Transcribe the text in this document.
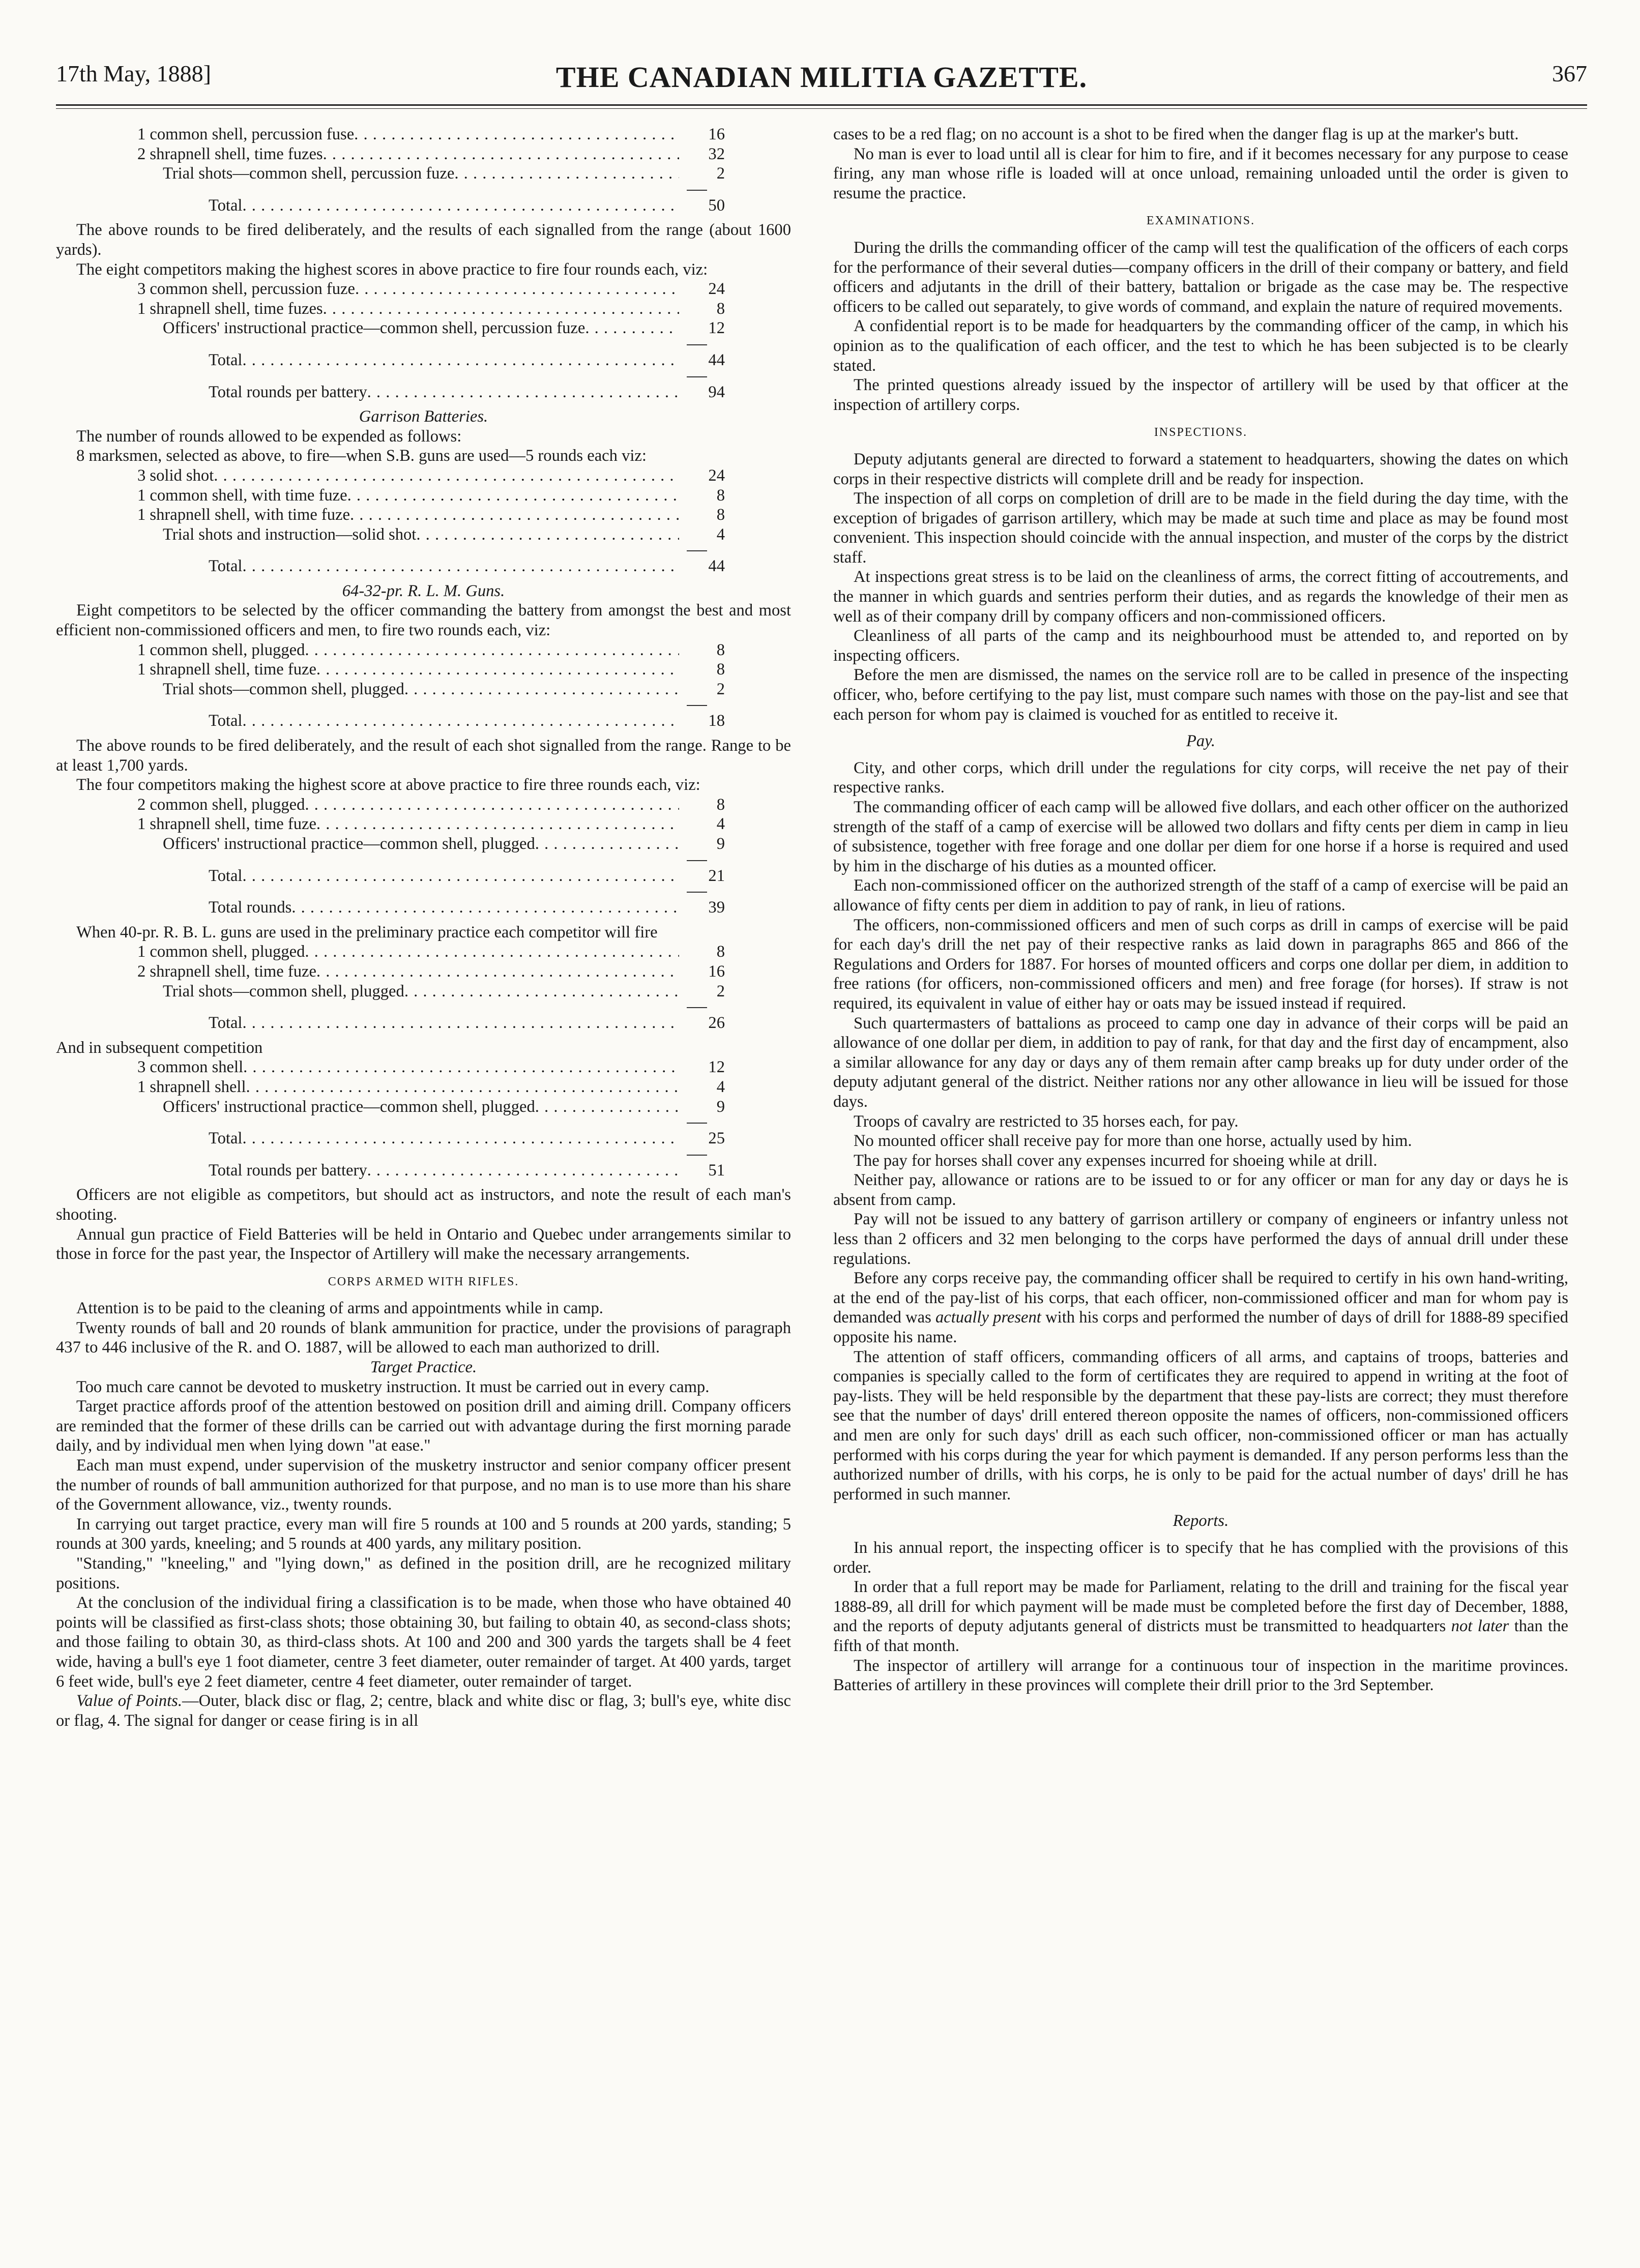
17th May, 1888]	THE CANADIAN MILITIA GAZETTE.	367
1 common shell, percussion fuse . . .	16
2 shrapnell shell, time fuzes . . .	32
Trial shots—common shell, percussion fuze . . .	2
Total . . .	50

The above rounds to be fired deliberately, and the results of each signalled from the range (about 1600 yards).

The eight competitors making the highest scores in above practice to fire four rounds each, viz:

3 common shell, percussion fuze . . .	24
1 shrapnell shell, time fuzes . . .	8
Officers' instructional practice—common shell, percussion fuze . . .	12
Total . . .	44
Total rounds per battery . . .	94

Garrison Batteries.

The number of rounds allowed to be expended as follows:

8 marksmen, selected as above, to fire—when S.B. guns are used—5 rounds each viz:

3 solid shot . . .	24
1 common shell, with time fuze . . .	8
1 shrapnell shell, with time fuze . . .	8
Trial shots and instruction—solid shot . . .	4
Total . . .	44

64-32-pr. R. L. M. Guns.

Eight competitors to be selected by the officer commanding the battery from amongst the best and most efficient non-commissioned officers and men, to fire two rounds each, viz:

1 common shell, plugged . . .	8
1 shrapnell shell, time fuze . . .	8
Trial shots—common shell, plugged . . .	2
Total . . .	18

The above rounds to be fired deliberately, and the result of each shot signalled from the range. Range to be at least 1,700 yards.

The four competitors making the highest score at above practice to fire three rounds each, viz:

2 common shell, plugged . . .	8
1 shrapnell shell, time fuze . . .	4
Officers' instructional practice—common shell, plugged . . .	9
Total . . .	21
Total rounds . . .	39

When 40-pr. R. B. L. guns are used in the preliminary practice each competitor will fire

1 common shell, plugged . . .	8
2 shrapnell shell, time fuze . . .	16
Trial shots—common shell, plugged . . .	2
Total . . .	26

And in subsequent competition

3 common shell . . .	12
1 shrapnell shell . . .	4
Officers' instructional practice—common shell, plugged . . .	9
Total . . .	25
Total rounds per battery . . .	51

Officers are not eligible as competitors, but should act as instructors, and note the result of each man's shooting.

Annual gun practice of Field Batteries will be held in Ontario and Quebec under arrangements similar to those in force for the past year, the Inspector of Artillery will make the necessary arrangements.

CORPS ARMED WITH RIFLES.

Attention is to be paid to the cleaning of arms and appointments while in camp.

Twenty rounds of ball and 20 rounds of blank ammunition for practice, under the provisions of paragraph 437 to 446 inclusive of the R. and O. 1887, will be allowed to each man authorized to drill.

Target Practice.

Too much care cannot be devoted to musketry instruction. It must be carried out in every camp.

Target practice affords proof of the attention bestowed on position drill and aiming drill. Company officers are reminded that the former of these drills can be carried out with advantage during the first morning parade daily, and by individual men when lying down "at ease."

Each man must expend, under supervision of the musketry instructor and senior company officer present the number of rounds of ball ammunition authorized for that purpose, and no man is to use more than his share of the Government allowance, viz., twenty rounds.

In carrying out target practice, every man will fire 5 rounds at 100 and 5 rounds at 200 yards, standing; 5 rounds at 300 yards, kneeling; and 5 rounds at 400 yards, any military position.

"Standing," "kneeling," and "lying down," as defined in the position drill, are he recognized military positions.

At the conclusion of the individual firing a classification is to be made, when those who have obtained 40 points will be classified as first-class shots; those obtaining 30, but failing to obtain 40, as second-class shots; and those failing to obtain 30, as third-class shots. At 100 and 200 and 300 yards the targets shall be 4 feet wide, having a bull's eye 1 foot diameter, centre 3 feet diameter, outer remainder of target. At 400 yards, target 6 feet wide, bull's eye 2 feet diameter, centre 4 feet diameter, outer remainder of target.

Value of Points.—Outer, black disc or flag, 2; centre, black and white disc or flag, 3; bull's eye, white disc or flag, 4. The signal for danger or cease firing is in all

cases to be a red flag; on no account is a shot to be fired when the danger flag is up at the marker's butt.

No man is ever to load until all is clear for him to fire, and if it becomes necessary for any purpose to cease firing, any man whose rifle is loaded will at once unload, remaining unloaded until the order is given to resume the practice.

EXAMINATIONS.

During the drills the commanding officer of the camp will test the qualification of the officers of each corps for the performance of their several duties—company officers in the drill of their company or battery, and field officers and adjutants in the drill of their battery, battalion or brigade as the case may be. The respective officers to be called out separately, to give words of command, and explain the nature of required movements.

A confidential report is to be made for headquarters by the commanding officer of the camp, in which his opinion as to the qualification of each officer, and the test to which he has been subjected is to be clearly stated.

The printed questions already issued by the inspector of artillery will be used by that officer at the inspection of artillery corps.

INSPECTIONS.

Deputy adjutants general are directed to forward a statement to headquarters, showing the dates on which corps in their respective districts will complete drill and be ready for inspection.

The inspection of all corps on completion of drill are to be made in the field during the day time, with the exception of brigades of garrison artillery, which may be made at such time and place as may be found most convenient. This inspection should coincide with the annual inspection, and muster of the corps by the district staff.

At inspections great stress is to be laid on the cleanliness of arms, the correct fitting of accoutrements, and the manner in which guards and sentries perform their duties, and as regards the knowledge of their men as well as of their company drill by company officers and non-commissioned officers.

Cleanliness of all parts of the camp and its neighbourhood must be attended to, and reported on by inspecting officers.

Before the men are dismissed, the names on the service roll are to be called in presence of the inspecting officer, who, before certifying to the pay list, must compare such names with those on the pay-list and see that each person for whom pay is claimed is vouched for as entitled to receive it.

Pay.

City, and other corps, which drill under the regulations for city corps, will receive the net pay of their respective ranks.

The commanding officer of each camp will be allowed five dollars, and each other officer on the authorized strength of the staff of a camp of exercise will be allowed two dollars and fifty cents per diem in camp in lieu of subsistence, together with free forage and one dollar per diem for one horse if a horse is required and used by him in the discharge of his duties as a mounted officer.

Each non-commissioned officer on the authorized strength of the staff of a camp of exercise will be paid an allowance of fifty cents per diem in addition to pay of rank, in lieu of rations.

The officers, non-commissioned officers and men of such corps as drill in camps of exercise will be paid for each day's drill the net pay of their respective ranks as laid down in paragraphs 865 and 866 of the Regulations and Orders for 1887. For horses of mounted officers and corps one dollar per diem, in addition to free rations (for officers, non-commissioned officers and men) and free forage (for horses). If straw is not required, its equivalent in value of either hay or oats may be issued instead if required.

Such quartermasters of battalions as proceed to camp one day in advance of their corps will be paid an allowance of one dollar per diem, in addition to pay of rank, for that day and the first day of encampment, also a similar allowance for any day or days any of them remain after camp breaks up for duty under order of the deputy adjutant general of the district. Neither rations nor any other allowance in lieu will be issued for those days.

Troops of cavalry are restricted to 35 horses each, for pay.

No mounted officer shall receive pay for more than one horse, actually used by him.

The pay for horses shall cover any expenses incurred for shoeing while at drill.

Neither pay, allowance or rations are to be issued to or for any officer or man for any day or days he is absent from camp.

Pay will not be issued to any battery of garrison artillery or company of engineers or infantry unless not less than 2 officers and 32 men belonging to the corps have performed the days of annual drill under these regulations.

Before any corps receive pay, the commanding officer shall be required to certify in his own hand-writing, at the end of the pay-list of his corps, that each officer, non-commissioned officer and man for whom pay is demanded was actually present with his corps and performed the number of days of drill for 1888-89 specified opposite his name.

The attention of staff officers, commanding officers of all arms, and captains of troops, batteries and companies is specially called to the form of certificates they are required to append in writing at the foot of pay-lists. They will be held responsible by the department that these pay-lists are correct; they must therefore see that the number of days' drill entered thereon opposite the names of officers, non-commissioned officers and men are only for such days' drill as each such officer, non-commissioned officer or man has actually performed with his corps during the year for which payment is demanded. If any person performs less than the authorized number of drills, with his corps, he is only to be paid for the actual number of days' drill he has performed in such manner.

Reports.

In his annual report, the inspecting officer is to specify that he has complied with the provisions of this order.

In order that a full report may be made for Parliament, relating to the drill and training for the fiscal year 1888-89, all drill for which payment will be made must be completed before the first day of December, 1888, and the reports of deputy adjutants general of districts must be transmitted to headquarters not later than the fifth of that month.

The inspector of artillery will arrange for a continuous tour of inspection in the maritime provinces. Batteries of artillery in these provinces will complete their drill prior to the 3rd September.
